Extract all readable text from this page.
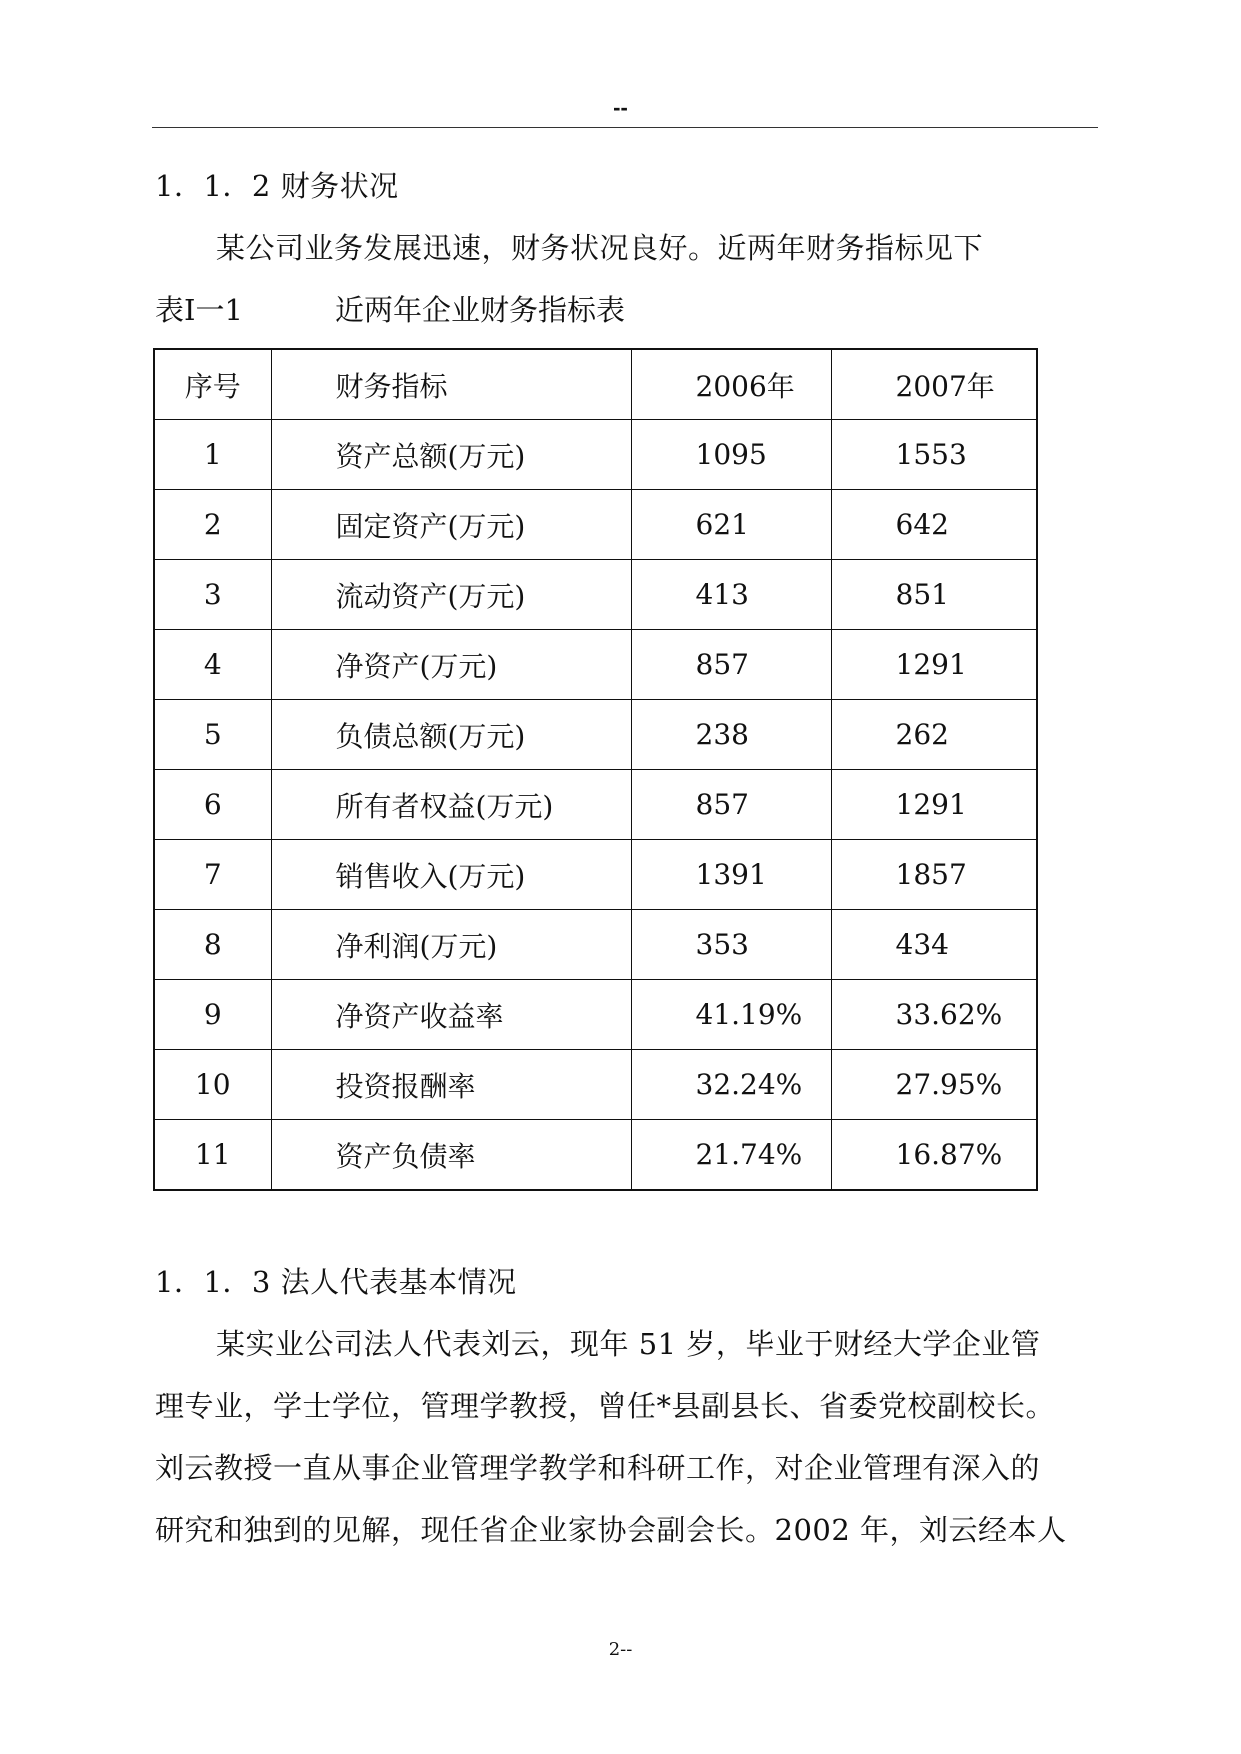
--
1．1．2 财务状况
某公司业务发展迅速，财务状况良好。近两年财务指标见下
表Ⅰ一1	近两年企业财务指标表
序号	财务指标	2006年	2007年
1	资产总额(万元)	1095	1553
2	固定资产(万元)	621	642
3	流动资产(万元)	413	851
4	净资产(万元)	857	1291
5	负债总额(万元)	238	262
6	所有者权益(万元)	857	1291
7	销售收入(万元)	1391	1857
8	净利润(万元)	353	434
9	净资产收益率	41.19%	33.62%
10	投资报酬率	32.24%	27.95%
11	资产负债率	21.74%	16.87%
1．1．3 法人代表基本情况
某实业公司法人代表刘云，现年 51 岁，毕业于财经大学企业管
理专业，学士学位，管理学教授，曾任*县副县长、省委党校副校长。
刘云教授一直从事企业管理学教学和科研工作，对企业管理有深入的
研究和独到的见解，现任省企业家协会副会长。2002 年，刘云经本人
2--
